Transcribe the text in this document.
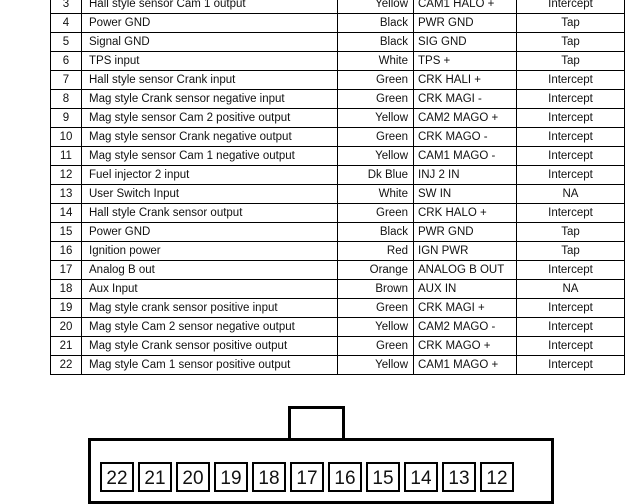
3	Hall style sensor Cam 1 output	Yellow	CAM1 HALO +	Intercept
4	Power GND	Black	PWR GND	Tap
5	Signal GND	Black	SIG GND	Tap
6	TPS input	White	TPS +	Tap
7	Hall style sensor Crank input	Green	CRK HALI +	Intercept
8	Mag style Crank sensor negative input	Green	CRK MAGI -	Intercept
9	Mag style sensor Cam 2 positive output	Yellow	CAM2 MAGO +	Intercept
10	Mag style sensor Crank negative output	Green	CRK MAGO -	Intercept
11	Mag style sensor Cam 1 negative output	Yellow	CAM1 MAGO -	Intercept
12	Fuel injector 2 input	Dk Blue	INJ 2 IN	Intercept
13	User Switch Input	White	SW IN	NA
14	Hall style Crank sensor output	Green	CRK HALO +	Intercept
15	Power GND	Black	PWR GND	Tap
16	Ignition power	Red	IGN PWR	Tap
17	Analog B out	Orange	ANALOG B OUT	Intercept
18	Aux Input	Brown	AUX IN	NA
19	Mag style crank sensor positive input	Green	CRK MAGI +	Intercept
20	Mag style Cam 2 sensor negative output	Yellow	CAM2 MAGO -	Intercept
21	Mag style Crank sensor positive output	Green	CRK MAGO +	Intercept
22	Mag style Cam 1 sensor positive output	Yellow	CAM1 MAGO +	Intercept
22 21 20 19 18 17 16 15 14 13 12
